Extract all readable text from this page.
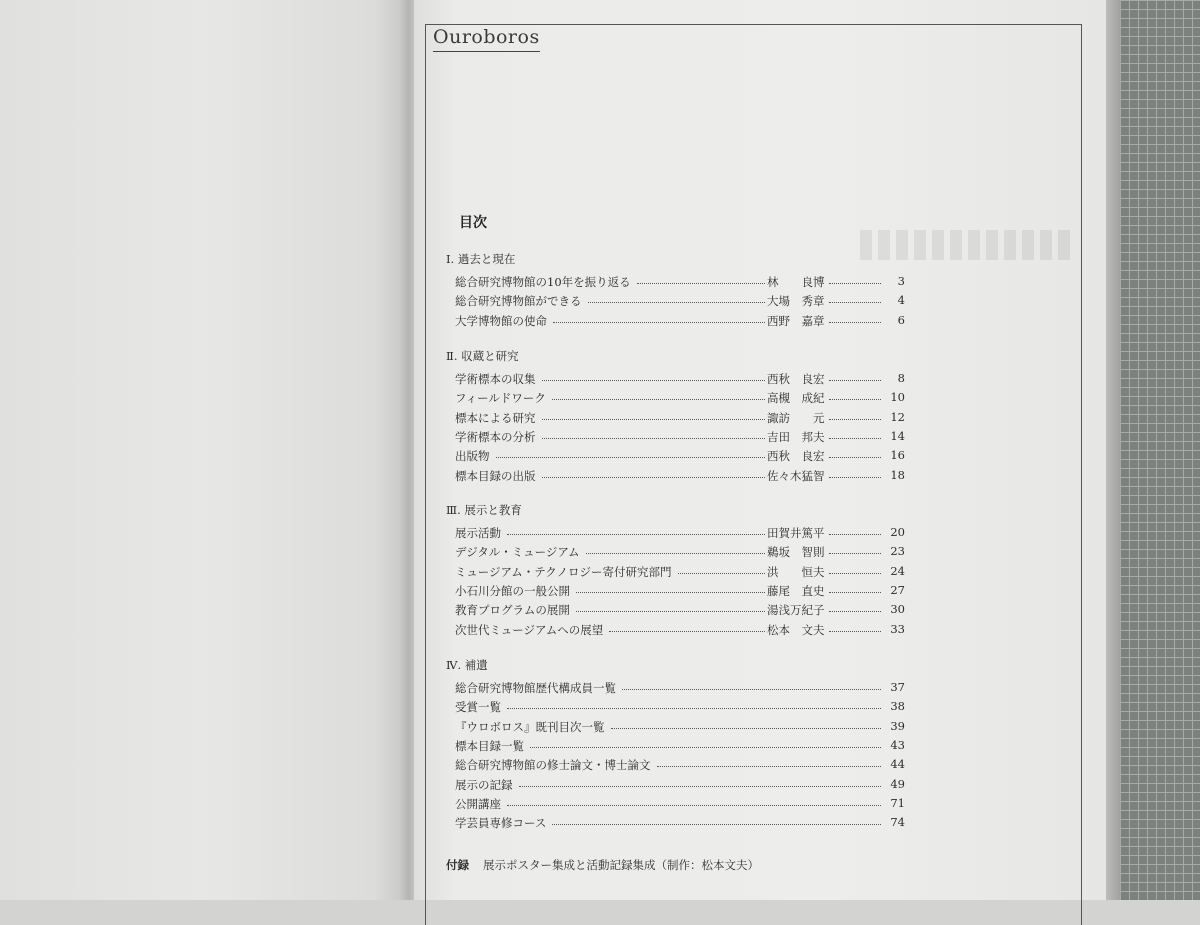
Ouroboros
目次
Ⅰ. 過去と現在
総合研究博物館の10年を振り返る	林　　良博	3
総合研究博物館ができる	大場　秀章	4
大学博物館の使命	西野　嘉章	6
Ⅱ. 収蔵と研究
学術標本の収集	西秋　良宏	8
フィールドワーク	高槻　成紀	10
標本による研究	諏訪　　元	12
学術標本の分析	吉田　邦夫	14
出版物	西秋　良宏	16
標本目録の出版	佐々木猛智	18
Ⅲ. 展示と教育
展示活動	田賀井篤平	20
デジタル・ミュージアム	鵜坂　智則	23
ミュージアム・テクノロジー寄付研究部門	洪　　恒夫	24
小石川分館の一般公開	藤尾　直史	27
教育プログラムの展開	湯浅万紀子	30
次世代ミュージアムへの展望	松本　文夫	33
Ⅳ. 補遺
総合研究博物館歴代構成員一覧	37
受賞一覧	38
『ウロボロス』既刊目次一覧	39
標本目録一覧	43
総合研究博物館の修士論文・博士論文	44
展示の記録	49
公開講座	71
学芸員専修コース	74
付録 展示ポスター集成と活動記録集成（制作：松本文夫）
